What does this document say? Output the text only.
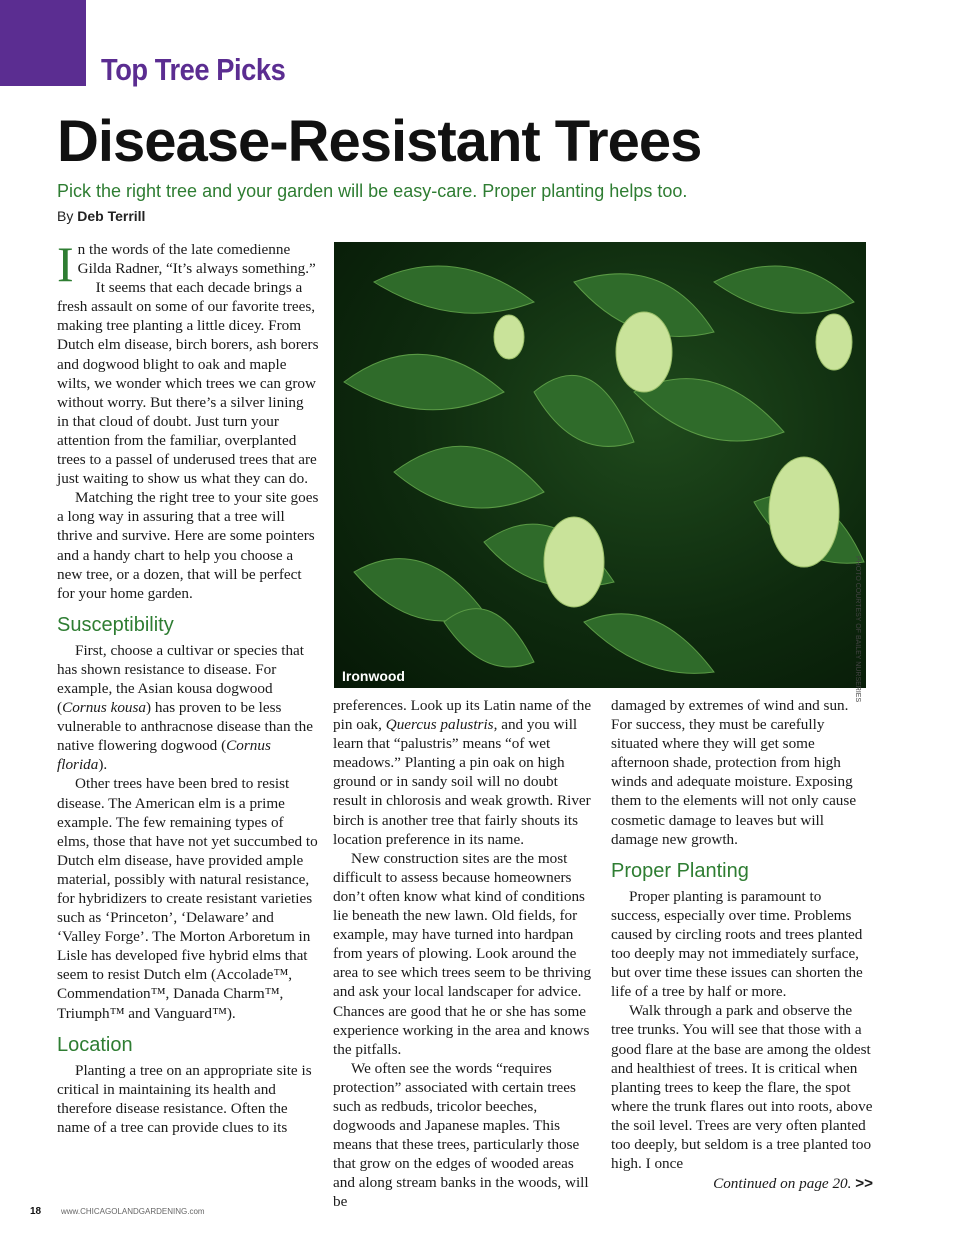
Top Tree Picks
Disease-Resistant Trees
Pick the right tree and your garden will be easy-care. Proper planting helps too.
By Deb Terrill

In the words of the late comedienne Gilda Radner, “It’s always something.”

It seems that each decade brings a fresh assault on some of our favorite trees, making tree planting a little dicey. From Dutch elm disease, birch borers, ash borers and dogwood blight to oak and maple wilts, we wonder which trees we can grow without worry. But there’s a silver lining in that cloud of doubt. Just turn your attention from the familiar, overplanted trees to a passel of underused trees that are just waiting to show us what they can do.

Matching the right tree to your site goes a long way in assuring that a tree will thrive and survive. Here are some pointers and a handy chart to help you choose a new tree, or a dozen, that will be perfect for your home garden.

Susceptibility

First, choose a cultivar or species that has shown resistance to disease. For example, the Asian kousa dogwood (Cornus kousa) has proven to be less vulnerable to anthracnose disease than the native flowering dogwood (Cornus florida).

Other trees have been bred to resist disease. The American elm is a prime example. The few remaining types of elms, those that have not yet succumbed to Dutch elm disease, have provided ample material, possibly with natural resistance, for hybridizers to create resistant varieties such as ‘Princeton’, ‘Delaware’ and ‘Valley Forge’. The Morton Arboretum in Lisle has developed five hybrid elms that seem to resist Dutch elm (Accolade™, Commendation™, Danada Charm™, Triumph™ and Vanguard™).

Location

Planting a tree on an appropriate site is critical in maintaining its health and therefore disease resistance. Often the name of a tree can provide clues to its

Ironwood	PHOTO COURTESY OF BAILEY NURSERIES

preferences. Look up its Latin name of the pin oak, Quercus palustris, and you will learn that “palustris” means “of wet meadows.” Planting a pin oak on high ground or in sandy soil will no doubt result in chlorosis and weak growth. River birch is another tree that fairly shouts its location preference in its name.

New construction sites are the most difficult to assess because homeowners don’t often know what kind of conditions lie beneath the new lawn. Old fields, for example, may have turned into hardpan from years of plowing. Look around the area to see which trees seem to be thriving and ask your local landscaper for advice. Chances are good that he or she has some experience working in the area and knows the pitfalls.

We often see the words “requires protection” associated with certain trees such as redbuds, tricolor beeches, dogwoods and Japanese maples. This means that these trees, particularly those that grow on the edges of wooded areas and along stream banks in the woods, will be

damaged by extremes of wind and sun. For success, they must be carefully situated where they will get some afternoon shade, protection from high winds and adequate moisture. Exposing them to the elements will not only cause cosmetic damage to leaves but will damage new growth.

Proper Planting

Proper planting is paramount to success, especially over time. Problems caused by circling roots and trees planted too deeply may not immediately surface, but over time these issues can shorten the life of a tree by half or more.

Walk through a park and observe the tree trunks. You will see that those with a good flare at the base are among the oldest and healthiest of trees. It is critical when planting trees to keep the flare, the spot where the trunk flares out into roots, above the soil level. Trees are very often planted too deeply, but seldom is a tree planted too high. I once

Continued on page 20. >>
18 www.CHICAGOLANDGARDENING.com
